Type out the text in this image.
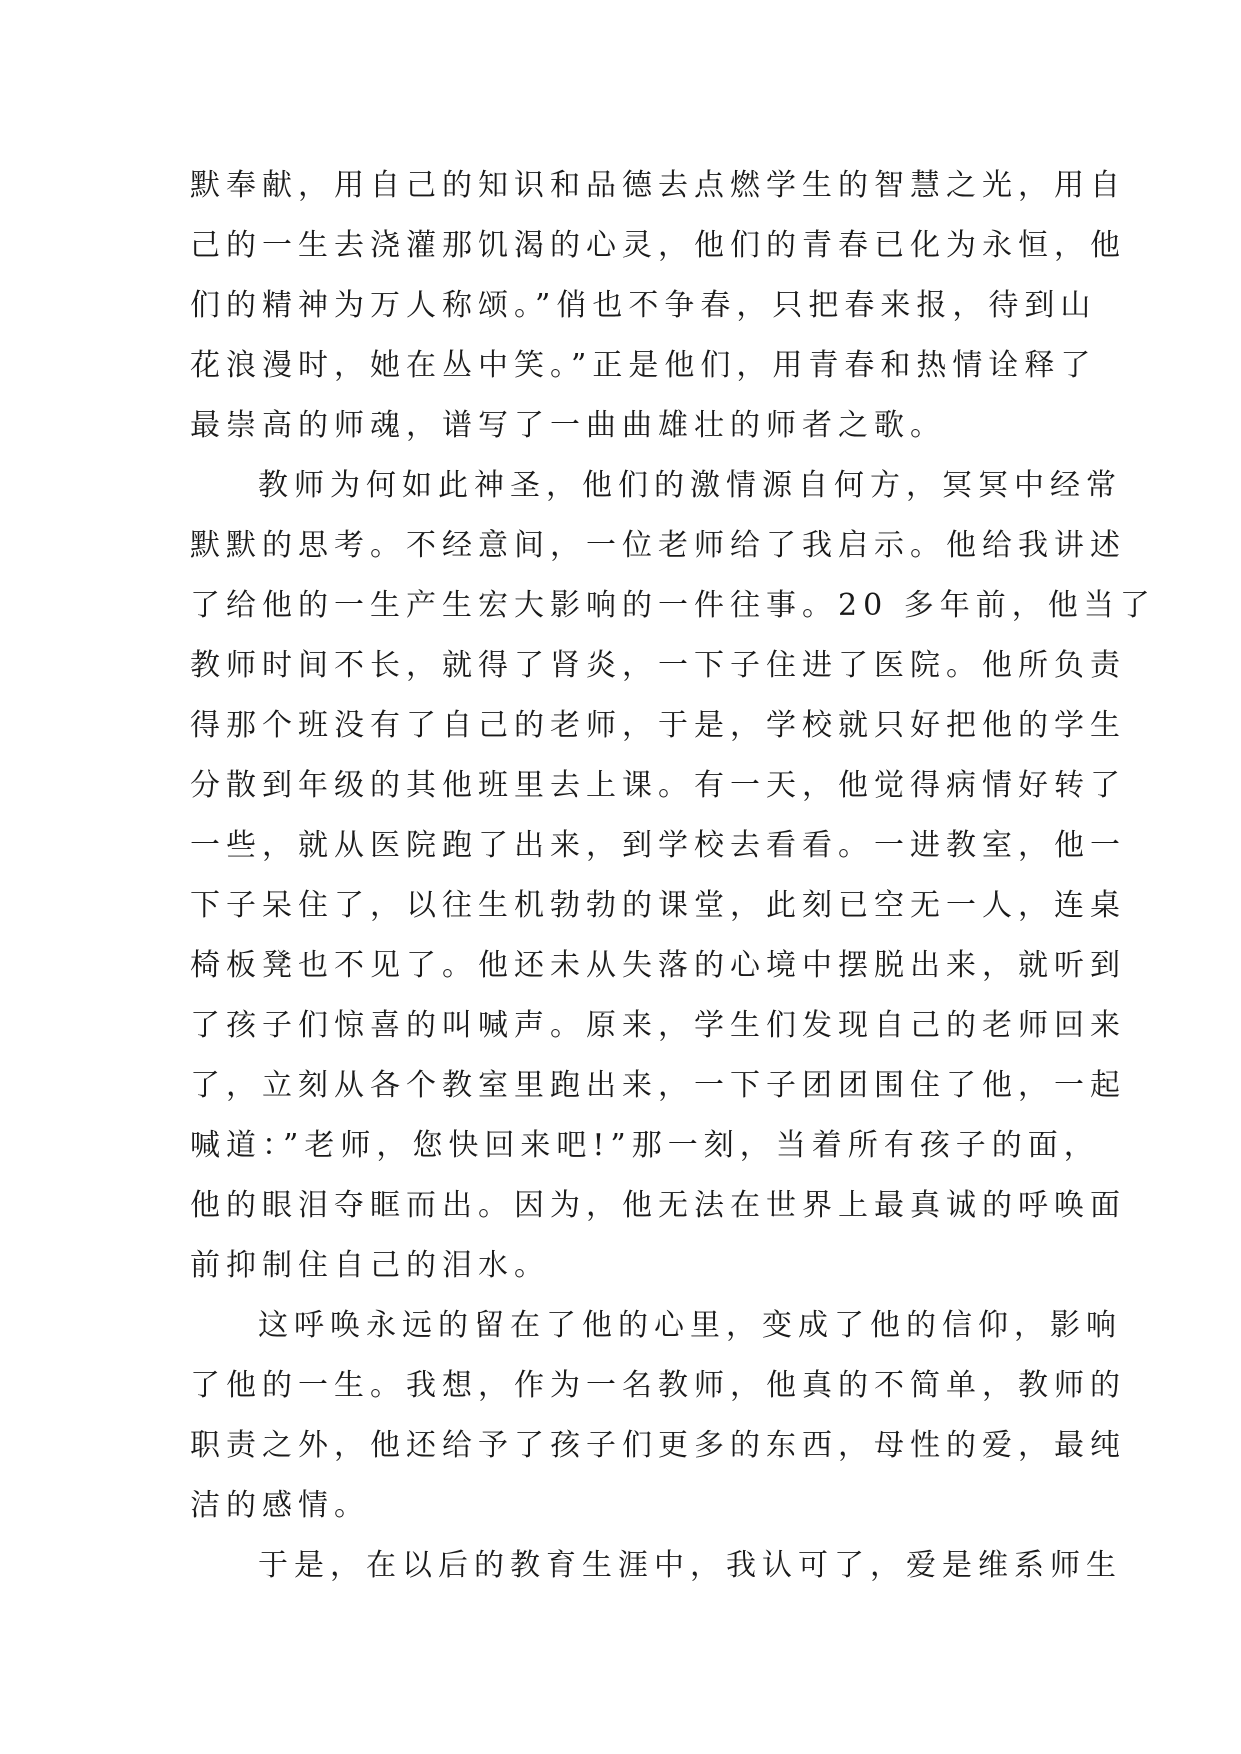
默奉献，用自己的知识和品德去点燃学生的智慧之光，用自
己的一生去浇灌那饥渴的心灵，他们的青春已化为永恒，他
们的精神为万人称颂。”俏也不争春，只把春来报，待到山
花浪漫时，她在丛中笑。”正是他们，用青春和热情诠释了
最崇高的师魂，谱写了一曲曲雄壮的师者之歌。
教师为何如此神圣，他们的激情源自何方，冥冥中经常
默默的思考。不经意间，一位老师给了我启示。他给我讲述
了给他的一生产生宏大影响的一件往事。20 多年前，他当了
教师时间不长，就得了肾炎，一下子住进了医院。他所负责
得那个班没有了自己的老师，于是，学校就只好把他的学生
分散到年级的其他班里去上课。有一天，他觉得病情好转了
一些，就从医院跑了出来，到学校去看看。一进教室，他一
下子呆住了，以往生机勃勃的课堂，此刻已空无一人，连桌
椅板凳也不见了。他还未从失落的心境中摆脱出来，就听到
了孩子们惊喜的叫喊声。原来，学生们发现自己的老师回来
了，立刻从各个教室里跑出来，一下子团团围住了他，一起
喊道：”老师，您快回来吧!”那一刻，当着所有孩子的面，
他的眼泪夺眶而出。因为，他无法在世界上最真诚的呼唤面
前抑制住自己的泪水。
这呼唤永远的留在了他的心里，变成了他的信仰，影响
了他的一生。我想，作为一名教师，他真的不简单，教师的
职责之外，他还给予了孩子们更多的东西，母性的爱，最纯
洁的感情。
于是，在以后的教育生涯中，我认可了，爱是维系师生
